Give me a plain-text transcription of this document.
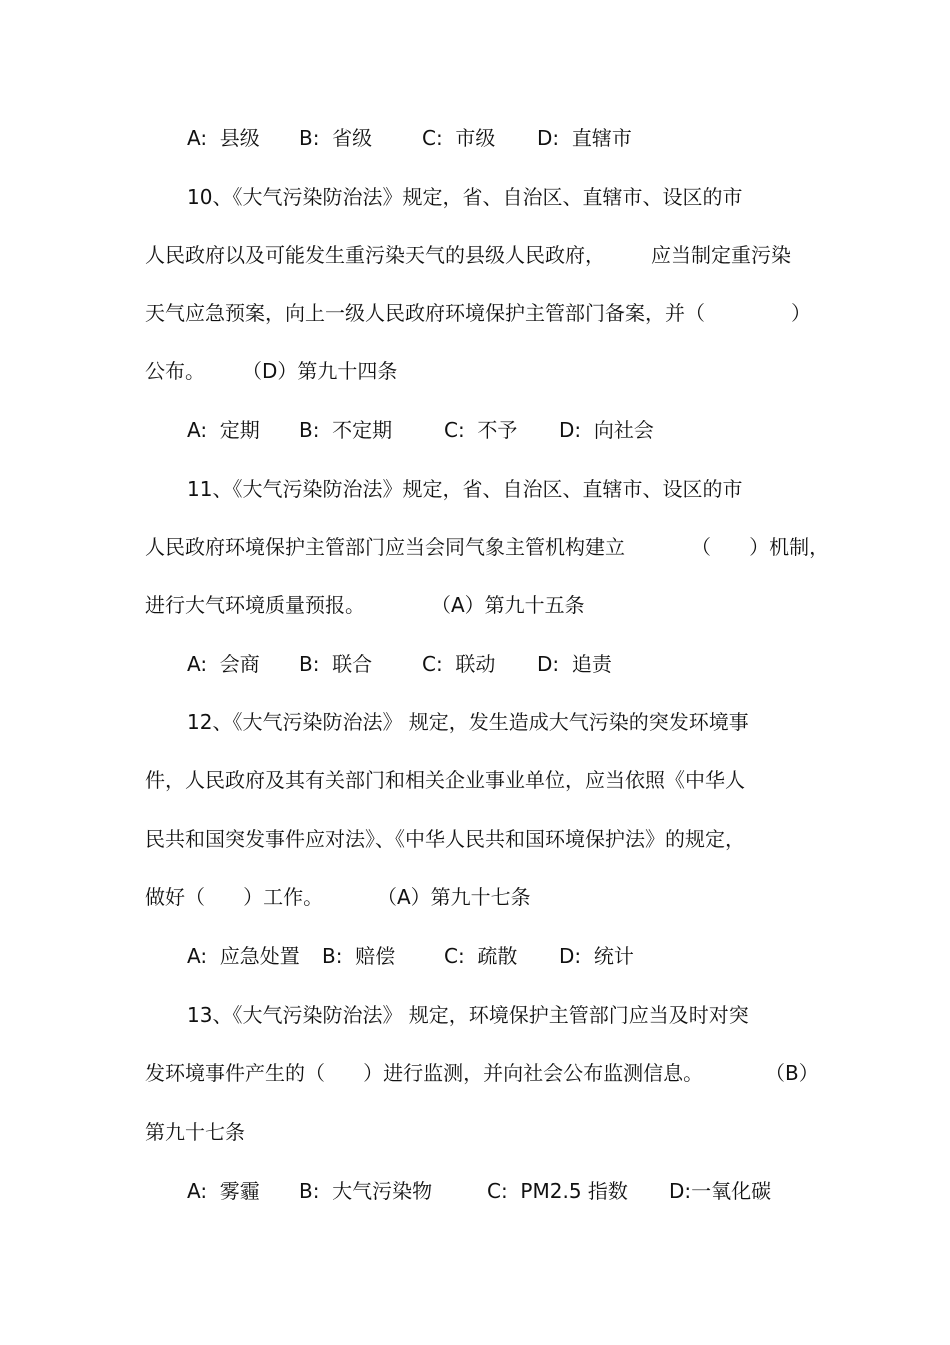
A:  县级

B:  省级

C:  市级

D:  直辖市

10、《大气污染防治法》规定，省、自治区、直辖市、设区的市

人民政府以及可能发生重污染天气的县级人民政府，

应当制定重污染

天气应急预案，向上一级人民政府环境保护主管部门备案，并（

	）

公布。

（D）第九十四条

A:  定期

B:  不定期

	C:  不予

D:  向社会

11、《大气污染防治法》规定，省、自治区、直辖市、设区的市

人民政府环境保护主管部门应当会同气象主管机构建立

	（      ）机制，

进行大气环境质量预报。

	（A）第九十五条

A:  会商

B:  联合

C:  联动

D:  追责

12、《大气污染防治法》 规定，发生造成大气污染的突发环境事
件，人民政府及其有关部门和相关企业事业单位，应当依照《中华人
民共和国突发事件应对法》、《中华人民共和国环境保护法》的规定，

做好（      ）工作。

	（A）第九十七条

A:  应急处置

B:  赔偿

C:  疏散

D:  统计

13、《大气污染防治法》 规定，环境保护主管部门应当及时对突

发环境事件产生的（      ）进行监测，并向社会公布监测信息。

	（B）

第九十七条

A:  雾霾

B:  大气污染物

	C:  PM2.5 指数

D:一氧化碳
